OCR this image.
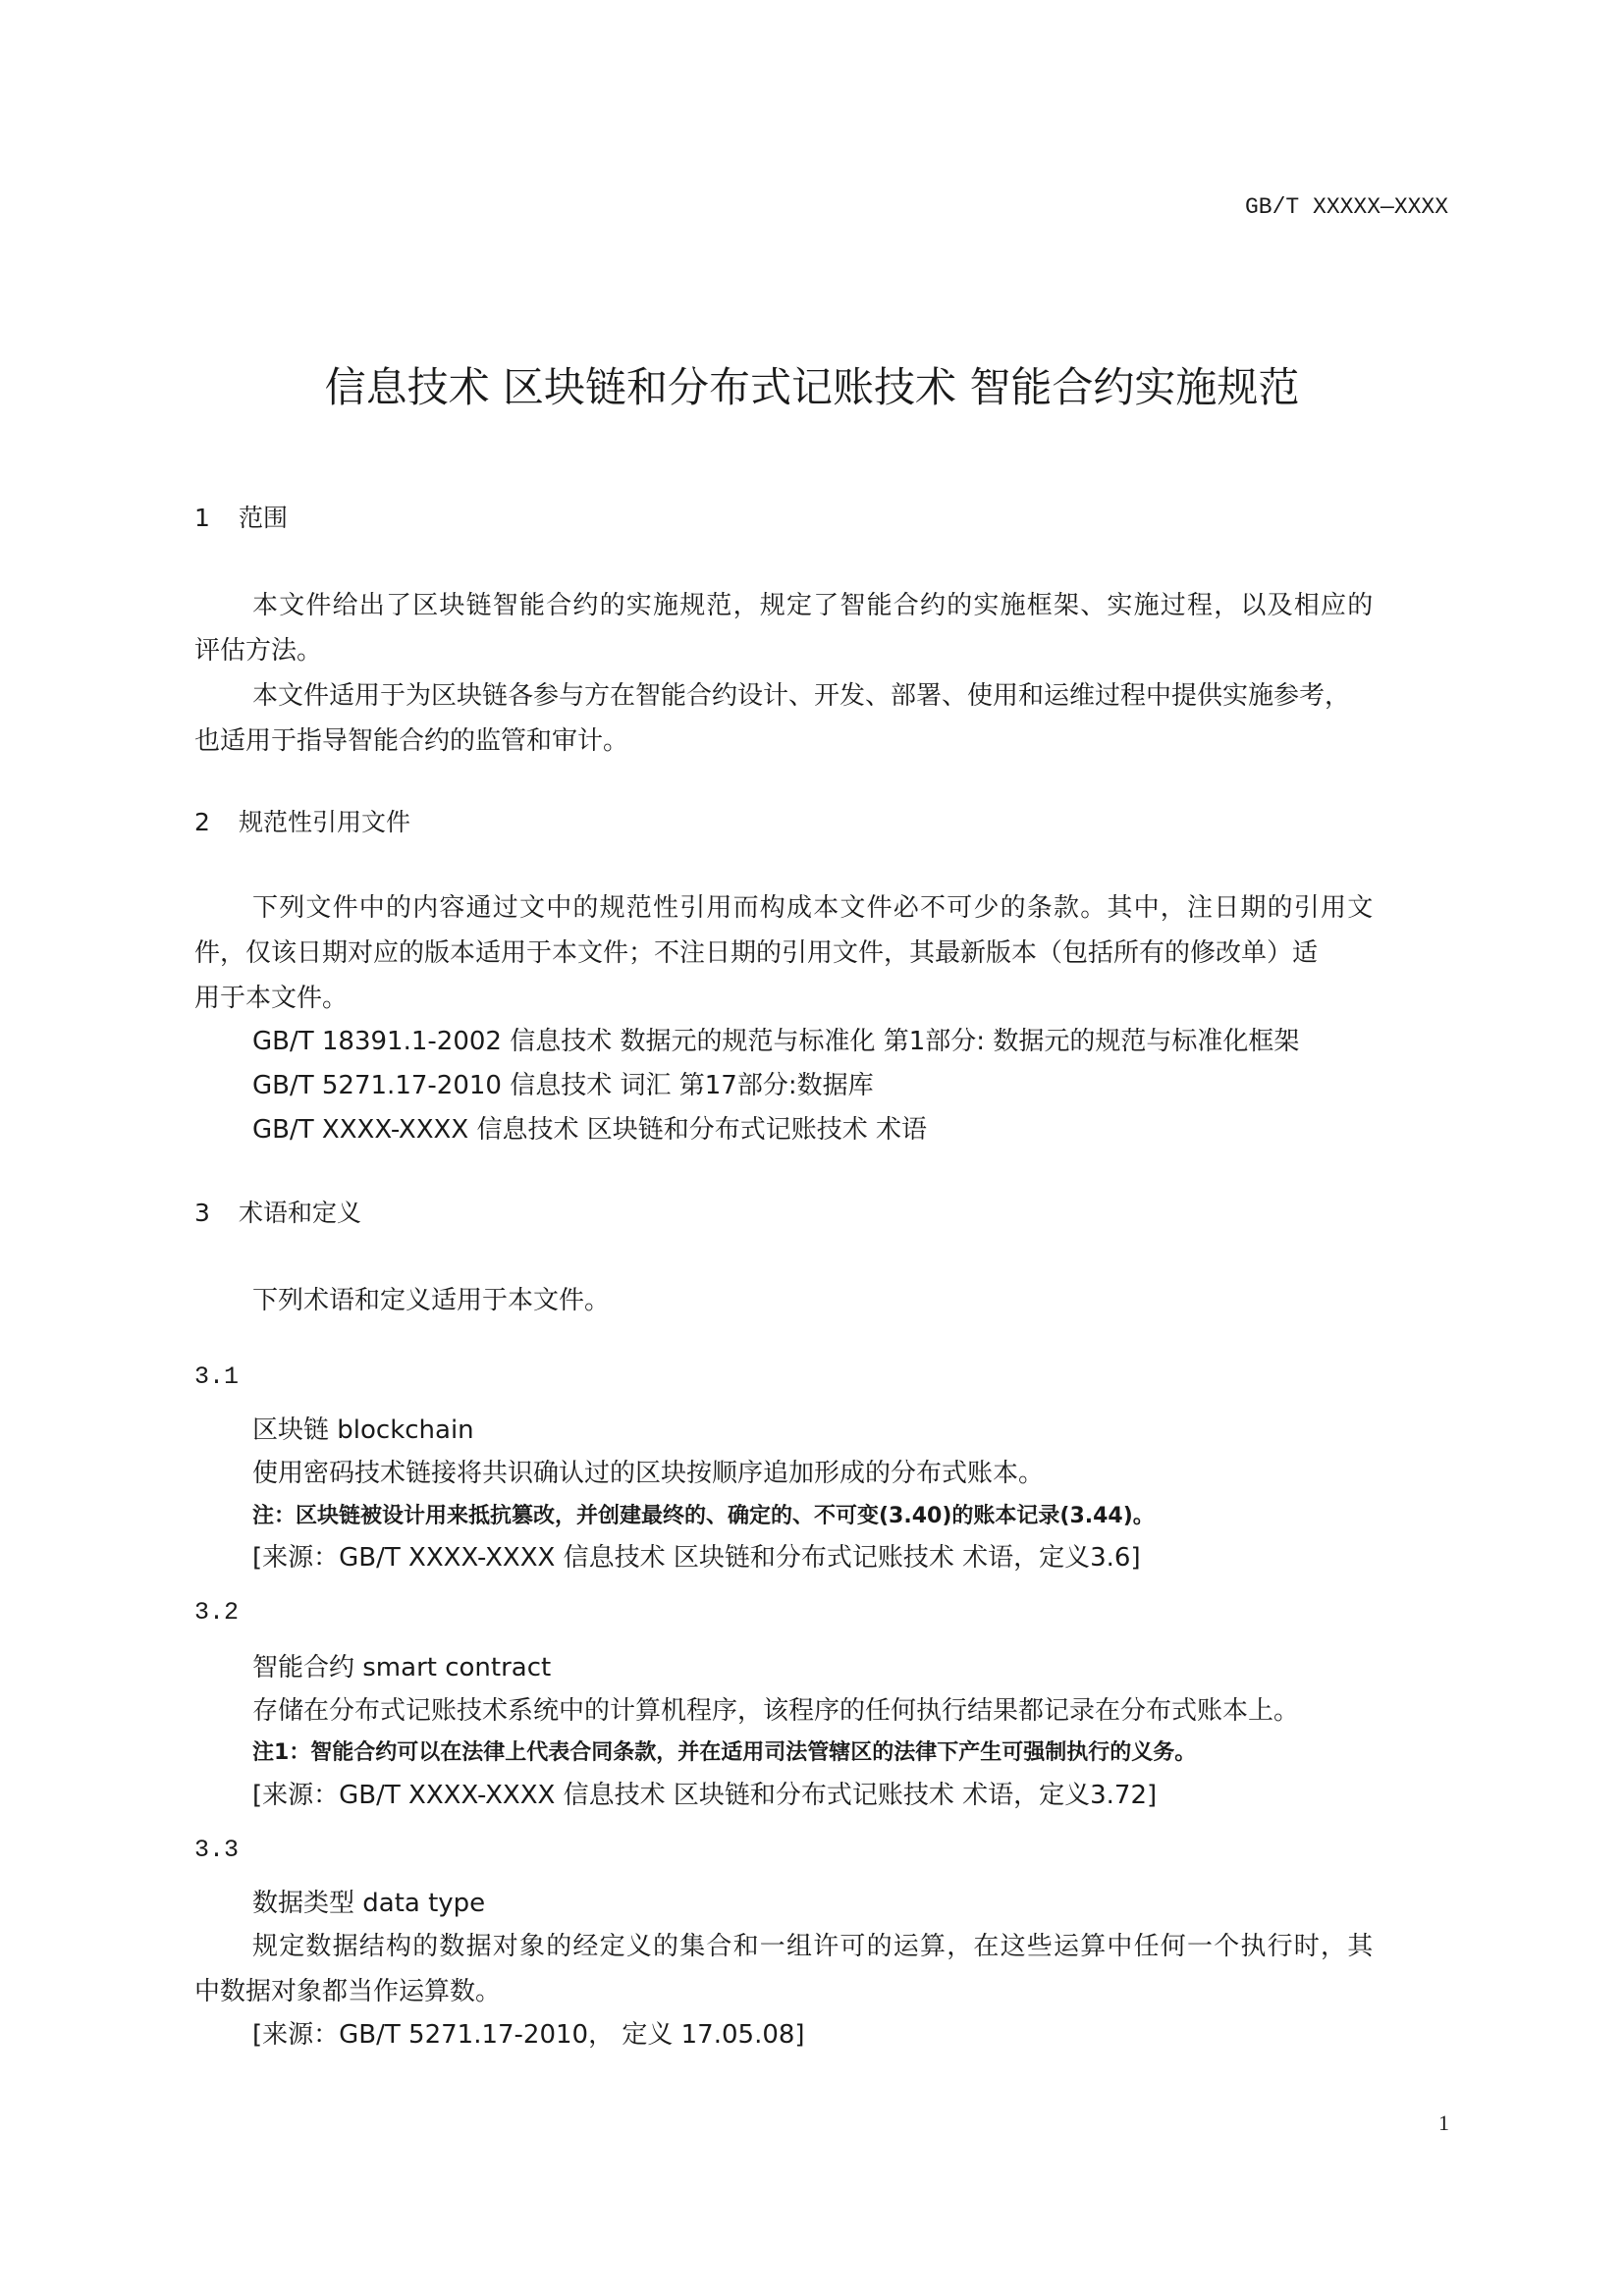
GB/T XXXXX—XXXX
信息技术 区块链和分布式记账技术 智能合约实施规范
1 范围
本文件给出了区块链智能合约的实施规范，规定了智能合约的实施框架、实施过程，以及相应的
评估方法。
本文件适用于为区块链各参与方在智能合约设计、开发、部署、使用和运维过程中提供实施参考，
也适用于指导智能合约的监管和审计。
2 规范性引用文件
下列文件中的内容通过文中的规范性引用而构成本文件必不可少的条款。其中，注日期的引用文
件，仅该日期对应的版本适用于本文件；不注日期的引用文件，其最新版本（包括所有的修改单）适
用于本文件。
GB/T 18391.1-2002 信息技术 数据元的规范与标准化 第1部分: 数据元的规范与标准化框架
GB/T 5271.17-2010 信息技术 词汇 第17部分:数据库
GB/T XXXX-XXXX 信息技术 区块链和分布式记账技术 术语
3 术语和定义
下列术语和定义适用于本文件。
3.1
区块链 blockchain
使用密码技术链接将共识确认过的区块按顺序追加形成的分布式账本。
注：区块链被设计用来抵抗篡改，并创建最终的、确定的、不可变(3.40)的账本记录(3.44)。
[来源：GB/T XXXX-XXXX 信息技术 区块链和分布式记账技术 术语，定义3.6]
3.2
智能合约 smart contract
存储在分布式记账技术系统中的计算机程序，该程序的任何执行结果都记录在分布式账本上。
注1：智能合约可以在法律上代表合同条款，并在适用司法管辖区的法律下产生可强制执行的义务。
[来源：GB/T XXXX-XXXX 信息技术 区块链和分布式记账技术 术语，定义3.72]
3.3
数据类型 data type
规定数据结构的数据对象的经定义的集合和一组许可的运算，在这些运算中任何一个执行时，其
中数据对象都当作运算数。
[来源：GB/T 5271.17-2010， 定义 17.05.08]
1
